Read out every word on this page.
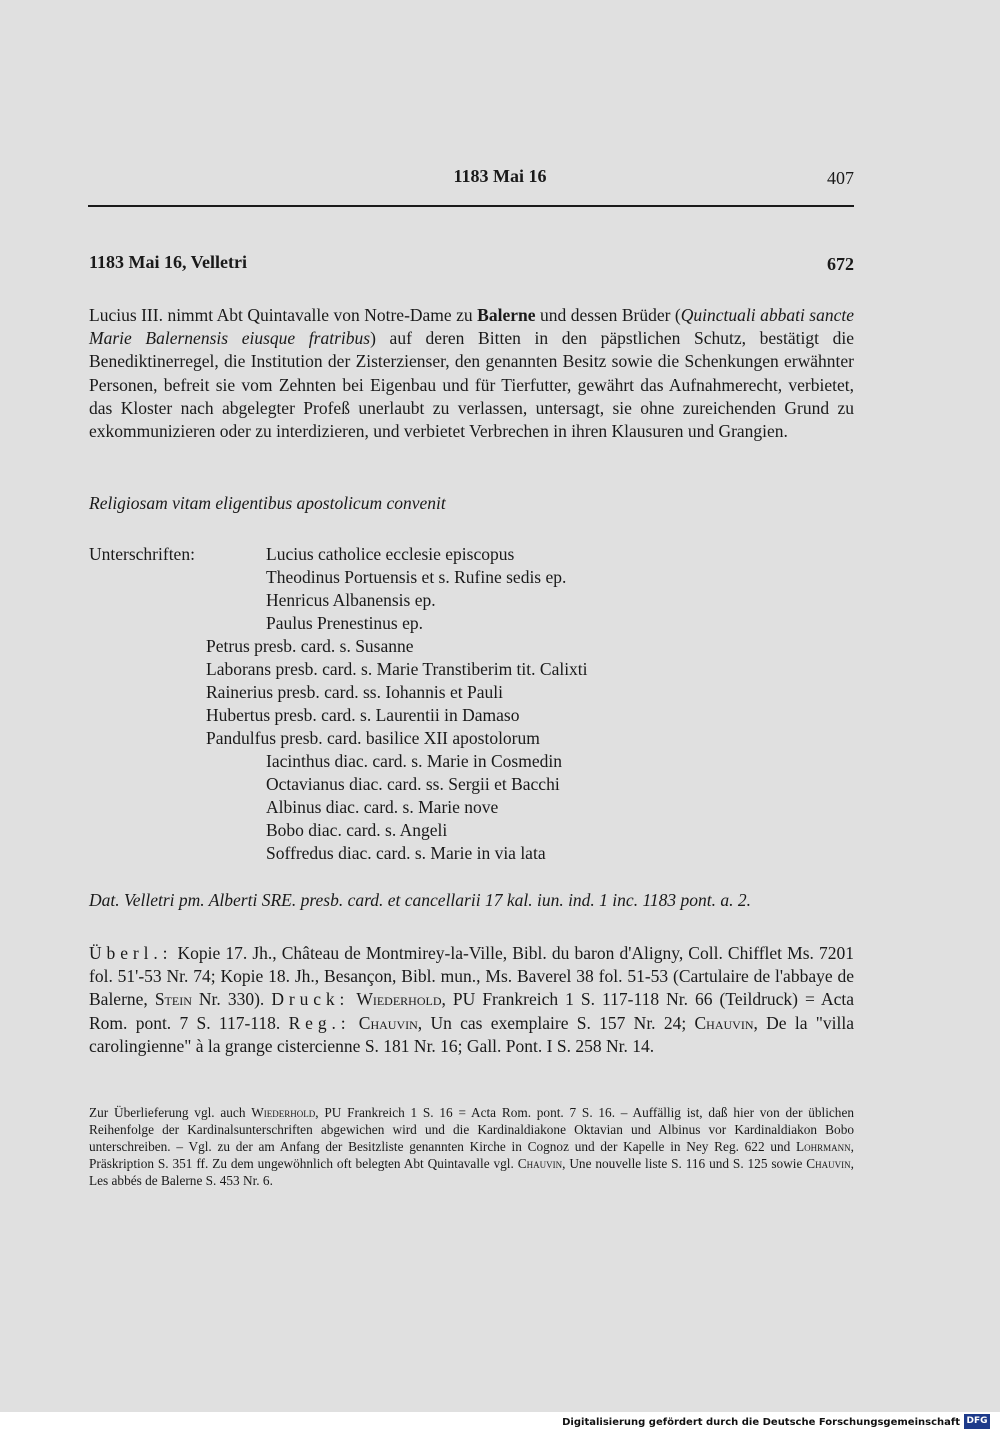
1183 Mai 16	407
1183 Mai 16, Velletri	672
Lucius III. nimmt Abt Quintavalle von Notre-Dame zu Balerne und dessen Brüder (Quinctuali abbati sancte Marie Balernensis eiusque fratribus) auf deren Bitten in den päpstlichen Schutz, bestätigt die Benediktinerregel, die Institution der Zisterzienser, den genannten Besitz sowie die Schenkungen erwähnter Personen, befreit sie vom Zehnten bei Eigenbau und für Tierfutter, gewährt das Aufnahmerecht, verbietet, das Kloster nach abgelegter Profeß unerlaubt zu verlassen, untersagt, sie ohne zureichenden Grund zu exkommunizieren oder zu interdizieren, und verbietet Verbrechen in ihren Klausuren und Grangien.
Religiosam vitam eligentibus apostolicum convenit
Unterschriften:	Lucius catholice ecclesie episcopus
Theodinus Portuensis et s. Rufine sedis ep.
Henricus Albanensis ep.
Paulus Prenestinus ep.
Petrus presb. card. s. Susanne
Laborans presb. card. s. Marie Transtiberim tit. Calixti
Rainerius presb. card. ss. Iohannis et Pauli
Hubertus presb. card. s. Laurentii in Damaso
Pandulfus presb. card. basilice XII apostolorum
Iacinthus diac. card. s. Marie in Cosmedin
Octavianus diac. card. ss. Sergii et Bacchi
Albinus diac. card. s. Marie nove
Bobo diac. card. s. Angeli
Soffredus diac. card. s. Marie in via lata
Dat. Velletri pm. Alberti SRE. presb. card. et cancellarii 17 kal. iun. ind. 1 inc. 1183 pont. a. 2.
Überl.: Kopie 17. Jh., Château de Montmirey-la-Ville, Bibl. du baron d'Aligny, Coll. Chifflet Ms. 7201 fol. 51'-53 Nr. 74; Kopie 18. Jh., Besançon, Bibl. mun., Ms. Baverel 38 fol. 51-53 (Cartulaire de l'abbaye de Balerne, Stein Nr. 330). Druck: Wiederhold, PU Frankreich 1 S. 117-118 Nr. 66 (Teildruck) = Acta Rom. pont. 7 S. 117-118. Reg.: Chauvin, Un cas exemplaire S. 157 Nr. 24; Chauvin, De la "villa carolingienne" à la grange cistercienne S. 181 Nr. 16; Gall. Pont. I S. 258 Nr. 14.
Zur Überlieferung vgl. auch Wiederhold, PU Frankreich 1 S. 16 = Acta Rom. pont. 7 S. 16. – Auffällig ist, daß hier von der üblichen Reihenfolge der Kardinalsunterschriften abgewichen wird und die Kardinaldiakone Oktavian und Albinus vor Kardinaldiakon Bobo unterschreiben. – Vgl. zu der am Anfang der Besitzliste genannten Kirche in Cognoz und der Kapelle in Ney Reg. 622 und Lohrmann, Präskription S. 351 ff. Zu dem ungewöhnlich oft belegten Abt Quintavalle vgl. Chauvin, Une nouvelle liste S. 116 und S. 125 sowie Chauvin, Les abbés de Balerne S. 453 Nr. 6.
Digitalisierung gefördert durch die Deutsche Forschungsgemeinschaft DFG
